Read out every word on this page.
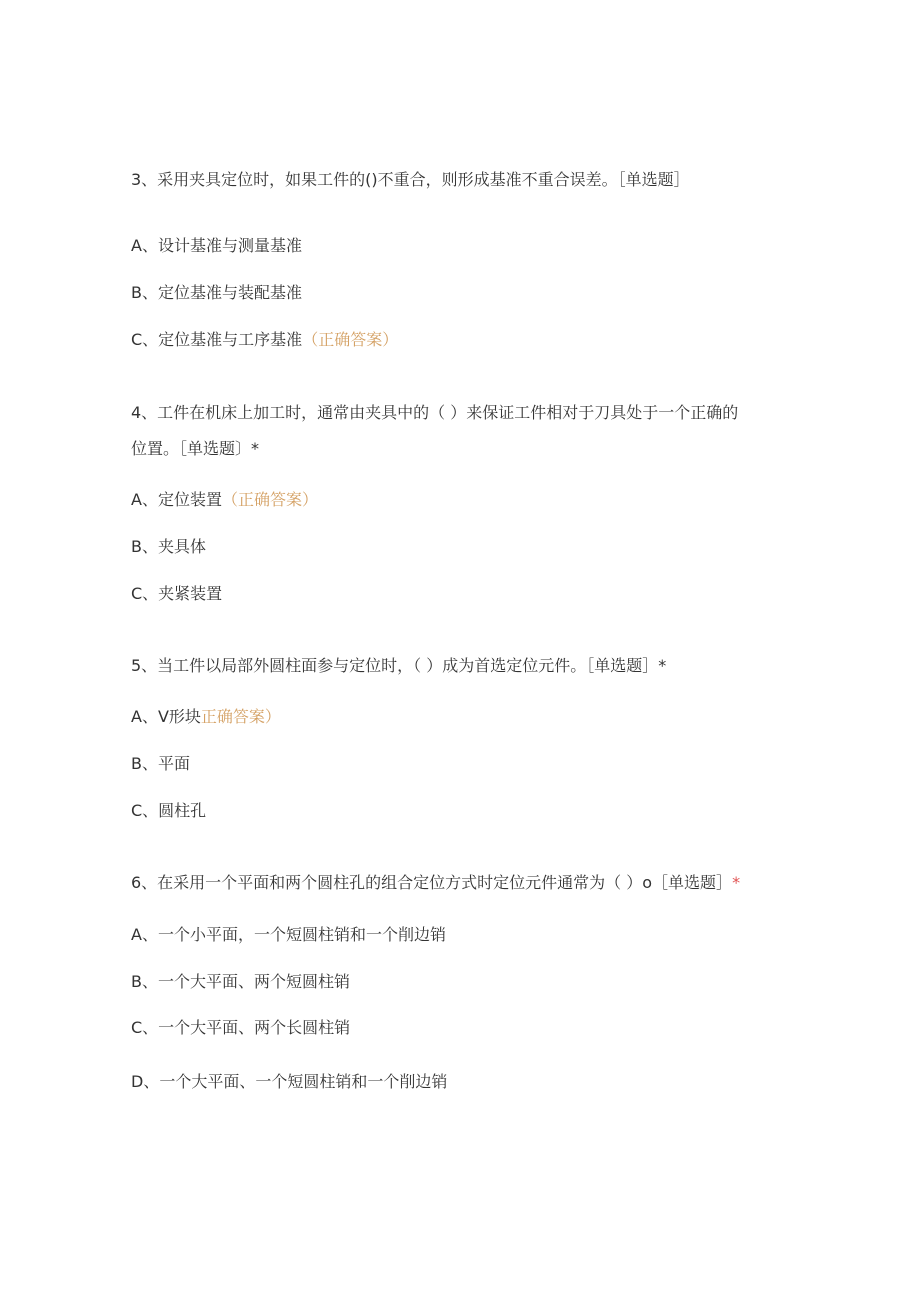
3、采用夹具定位时，如果工件的()不重合，则形成基准不重合误差。［单选题］
A、设计基准与测量基准
B、定位基准与装配基准
C、定位基准与工序基准（正确答案）
4、工件在机床上加工时，通常由夹具中的（ ）来保证工件相对于刀具处于一个正确的
位置。［单选题〕*
A、定位装置（正确答案）
B、夹具体
C、夹紧装置
5、当工件以局部外圆柱面参与定位时，（ ）成为首选定位元件。［单选题］*
A、V形块正确答案）
B、平面
C、圆柱孔
6、在采用一个平面和两个圆柱孔的组合定位方式时定位元件通常为（ ）o［单选题］*
A、一个小平面，一个短圆柱销和一个削边销
B、一个大平面、两个短圆柱销
C、一个大平面、两个长圆柱销
D、一个大平面、一个短圆柱销和一个削边销
